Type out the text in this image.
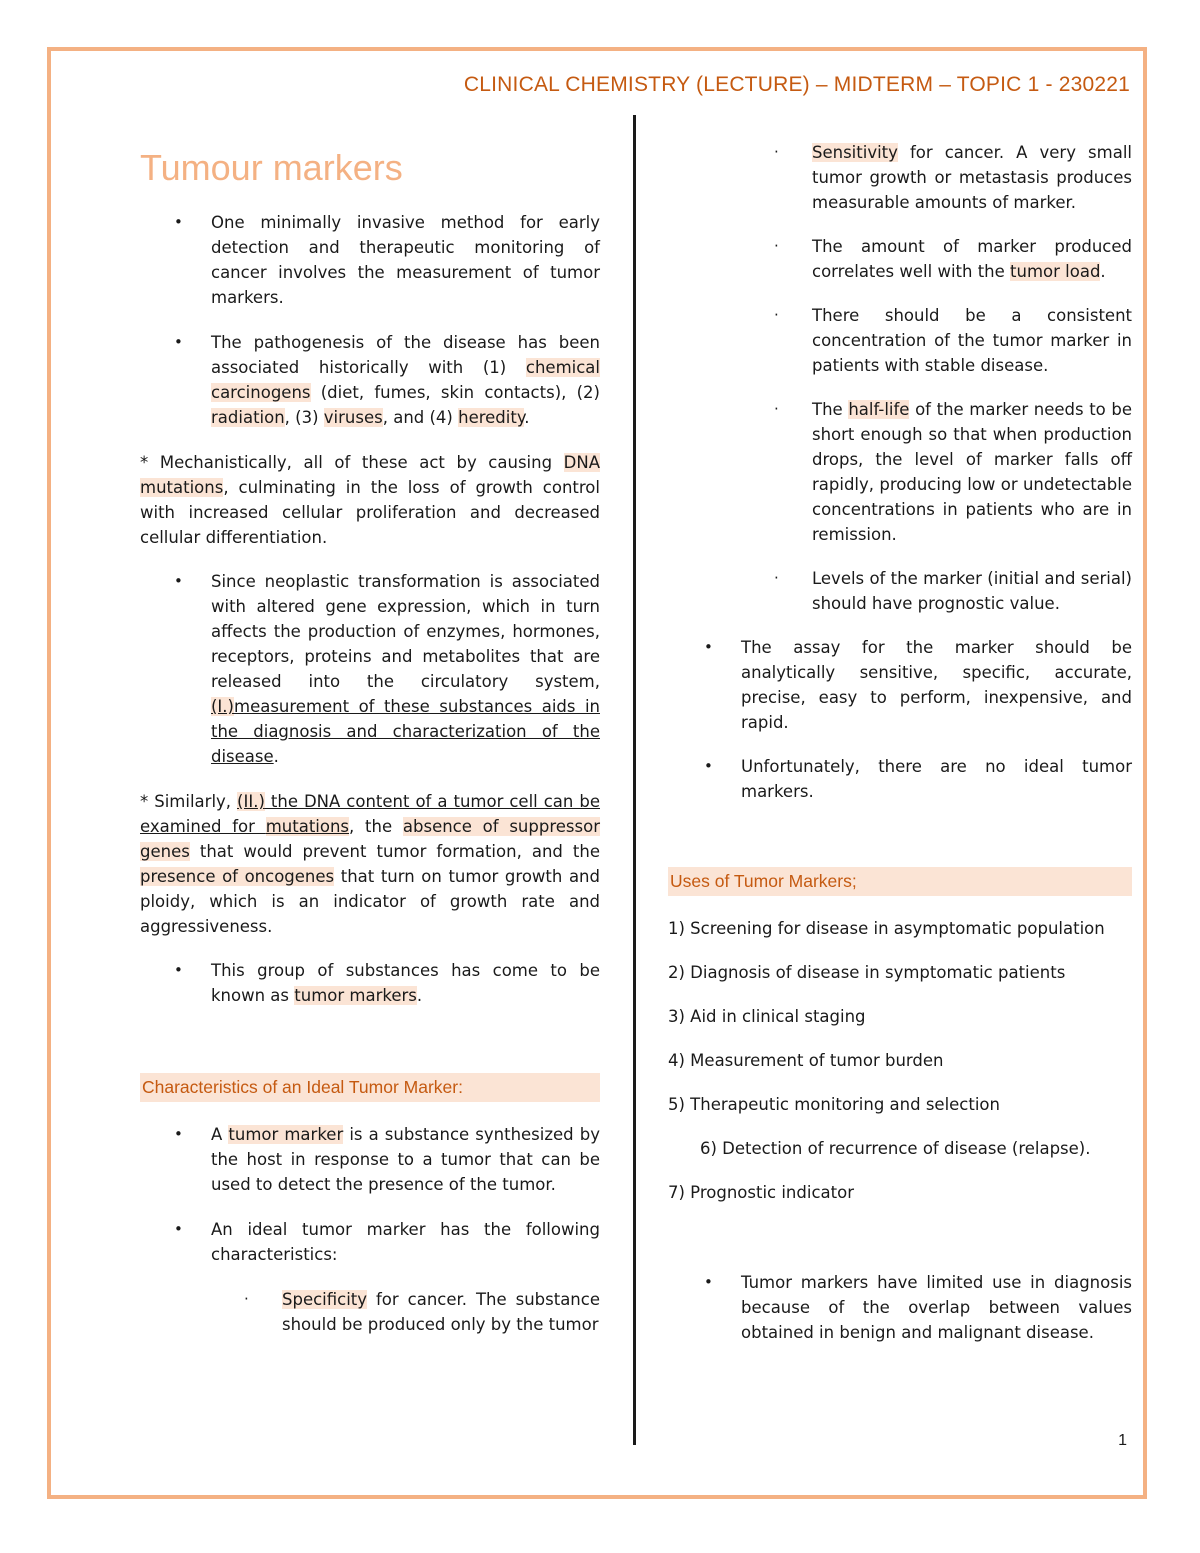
CLINICAL CHEMISTRY (LECTURE) – MIDTERM – TOPIC 1 - 230221
Tumour markers

• One minimally invasive method for early detection and therapeutic monitoring of cancer involves the measurement of tumor markers.

• The pathogenesis of the disease has been associated historically with (1) chemical carcinogens (diet, fumes, skin contacts), (2) radiation, (3) viruses, and (4) heredity.

* Mechanistically, all of these act by causing DNA mutations, culminating in the loss of growth control with increased cellular proliferation and decreased cellular differentiation.

• Since neoplastic transformation is associated with altered gene expression, which in turn affects the production of enzymes, hormones, receptors, proteins and metabolites that are released into the circulatory system, (I.)measurement of these substances aids in the diagnosis and characterization of the disease.

* Similarly, (II.) the DNA content of a tumor cell can be examined for mutations, the absence of suppressor genes that would prevent tumor formation, and the presence of oncogenes that turn on tumor growth and ploidy, which is an indicator of growth rate and aggressiveness.

• This group of substances has come to be known as tumor markers.

Characteristics of an Ideal Tumor Marker:

• A tumor marker is a substance synthesized by the host in response to a tumor that can be used to detect the presence of the tumor.

• An ideal tumor marker has the following characteristics:

· Specificity for cancer. The substance should be produced only by the tumor

· Sensitivity for cancer. A very small tumor growth or metastasis produces measurable amounts of marker.

· The amount of marker produced correlates well with the tumor load.

· There should be a consistent concentration of the tumor marker in patients with stable disease.

· The half-life of the marker needs to be short enough so that when production drops, the level of marker falls off rapidly, producing low or undetectable concentrations in patients who are in remission.

· Levels of the marker (initial and serial) should have prognostic value.

• The assay for the marker should be analytically sensitive, specific, accurate, precise, easy to perform, inexpensive, and rapid.

• Unfortunately, there are no ideal tumor markers.

Uses of Tumor Markers;

1) Screening for disease in asymptomatic population

2) Diagnosis of disease in symptomatic patients

3) Aid in clinical staging

4) Measurement of tumor burden

5) Therapeutic monitoring and selection

6) Detection of recurrence of disease (relapse).

7) Prognostic indicator

• Tumor markers have limited use in diagnosis because of the overlap between values obtained in benign and malignant disease.

1
